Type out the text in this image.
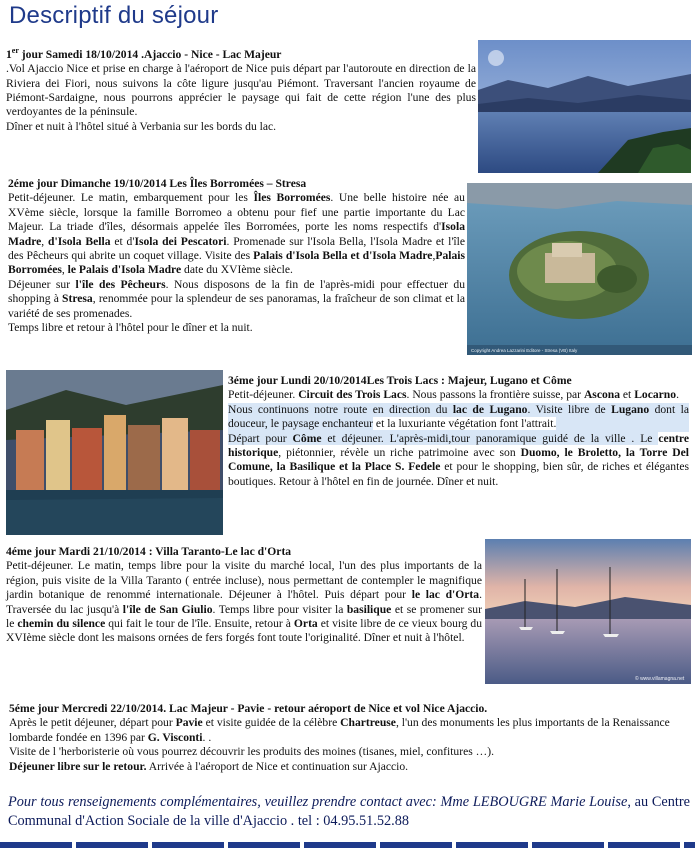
Descriptif du séjour

1er jour Samedi 18/10/2014 .Ajaccio - Nice - Lac Majeur

.Vol Ajaccio Nice et prise en charge à l'aéroport de Nice puis départ par l'autoroute en direction de la Riviera dei Fiori, nous suivons la côte ligure jusqu'au Piémont. Traversant l'ancien royaume de Piémont-Sardaigne, nous pourrons apprécier le paysage qui fait de cette région l'une des plus verdoyantes de la péninsule.

Dîner et nuit à l'hôtel situé à Verbania sur les bords du lac.

2éme jour Dimanche 19/10/2014 Les Îles Borromées – Stresa

Petit-déjeuner. Le matin, embarquement pour les Îles Borromées. Une belle histoire née au XVème siècle, lorsque la famille Borromeo a obtenu pour fief une partie importante du Lac Majeur. La triade d'îles, désormais appelée îles Borromées, porte les noms respectifs d'Isola Madre, d'Isola Bella et d'Isola dei Pescatori. Promenade sur l'Isola Bella, l'Isola Madre et l'île des Pêcheurs qui abrite un coquet village. Visite des Palais d'Isola Bella et d'Isola Madre,Palais Borromées, le Palais d'Isola Madre date du XVIème siècle.

Déjeuner sur l'île des Pêcheurs. Nous disposons de la fin de l'après-midi pour effectuer du shopping à Stresa, renommée pour la splendeur de ses panoramas, la fraîcheur de son climat et la variété de ses promenades.

Temps libre et retour à l'hôtel pour le dîner et la nuit.

Copyright Andrea Lazzarini Editore - Stresa (VB) Italy

3éme jour Lundi 20/10/2014Les Trois Lacs : Majeur, Lugano et Côme

Petit-déjeuner. Circuit des Trois Lacs. Nous passons la frontière suisse, par Ascona et Locarno.

Nous continuons notre route en direction du lac de Lugano. Visite libre de Lugano dont la douceur, le paysage enchanteur et la luxuriante végétation font l'attrait.

Départ pour Côme et déjeuner. L'après-midi,tour panoramique guidé de la ville . Le centre historique, piétonnier, révèle un riche patrimoine avec son Duomo, le Broletto, la Torre Del Comune, la Basilique et la Place S. Fedele et pour le shopping, bien sûr, de riches et élégantes boutiques. Retour à l'hôtel en fin de journée. Dîner et nuit.

4éme jour Mardi 21/10/2014 : Villa Taranto-Le lac d'Orta

Petit-déjeuner. Le matin, temps libre pour la visite du marché local, l'un des plus importants de la région, puis visite de la Villa Taranto ( entrée incluse), nous permettant de contempler le magnifique jardin botanique de renommé internationale. Déjeuner à l'hôtel. Puis départ pour le lac d'Orta. Traversée du lac jusqu'à l'île de San Giulio. Temps libre pour visiter la basilique et se promener sur le chemin du silence qui fait le tour de l'île. Ensuite, retour à Orta et visite libre de ce vieux bourg du XVIème siècle dont les maisons ornées de fers forgés font toute l'originalité. Dîner et nuit à l'hôtel.

© www.villamagna.net

5éme jour Mercredi 22/10/2014. Lac Majeur - Pavie - retour aéroport de Nice et vol Nice Ajaccio.

Après le petit déjeuner, départ pour Pavie et visite guidée de la célèbre Chartreuse, l'un des monuments les plus importants de la Renaissance lombarde fondée en 1396 par G. Visconti. .

Visite de l 'herboristerie où vous pourrez découvrir les produits des moines (tisanes, miel, confitures …).

Déjeuner libre sur le retour. Arrivée à l'aéroport de Nice et continuation sur Ajaccio.

Pour tous renseignements complémentaires, veuillez prendre contact avec: Mme LEBOUGRE Marie Louise, au Centre Communal d'Action Sociale de la ville d'Ajaccio . tel : 04.95.51.52.88
